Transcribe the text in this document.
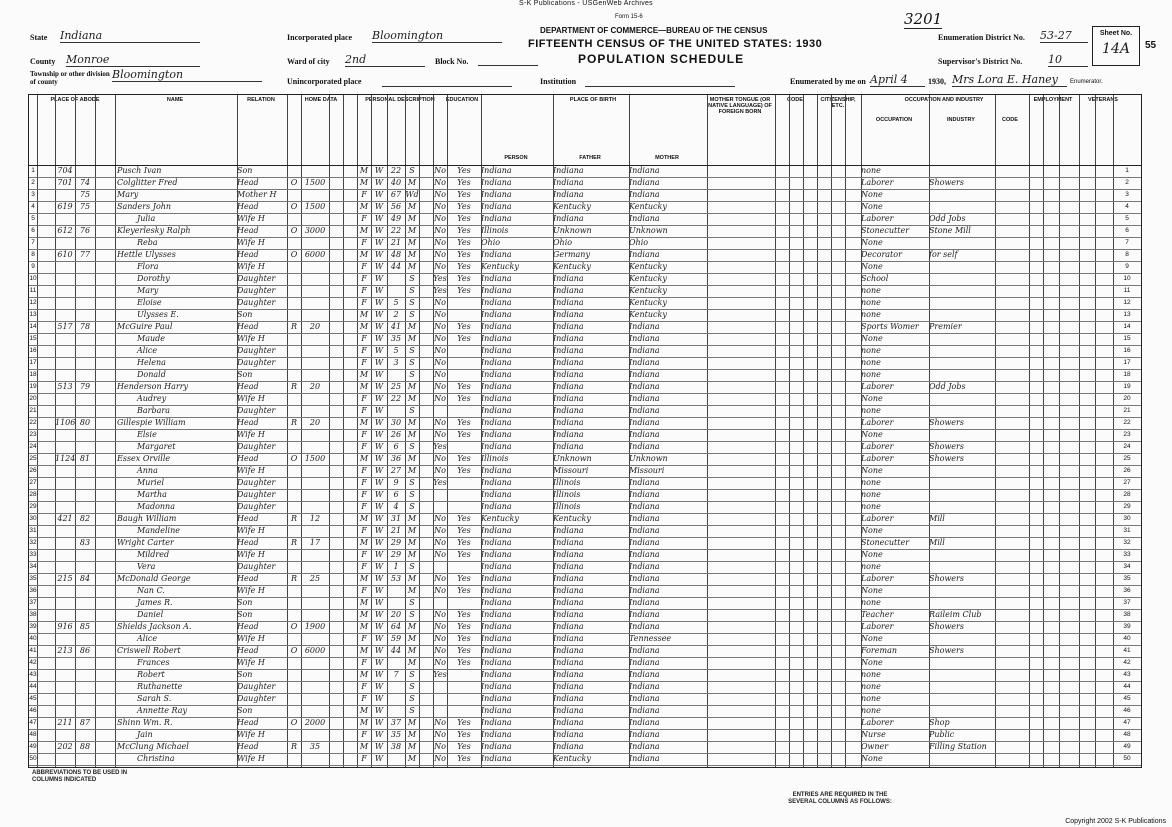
S-K Publications - USGenWeb Archives
Form 15-6	3201
DEPARTMENT OF COMMERCE—BUREAU OF THE CENSUS
FIFTEENTH CENSUS OF THE UNITED STATES: 1930
POPULATION SCHEDULE
State Indiana
County Monroe
Township or other division of county
Bloomington
Incorporated place Bloomington
Ward of city 2nd	Block No.
Unincorporated place	Institution
Enumeration District No. 53-27
Supervisor's District No. 10
Enumerated by me on April 4	1930, Mrs Lora E. Haney	Enumerator.
Sheet No.
14A	55
PLACE OF ABODE	NAME	RELATION	HOME DATA	PERSONAL DESCRIPTION	EDUCATION	PLACE OF BIRTH	MOTHER TONGUE (OR NATIVE LANGUAGE) OF FOREIGN BORN
CODE	CITIZENSHIP, ETC.
OCCUPATION AND INDUSTRY	EMPLOYMENT	VETERANS
PERSON	FATHER	MOTHER
OCCUPATION	INDUSTRY	CODE
1	704	Pusch Ivan	Son	M W 22	S	No	Yes	Indiana	Indiana	Indiana	none	1
2	701 74	Colglitter Fred	Head	O 1500	M W 40 M	No	Yes	Indiana	Indiana	Indiana	Laborer	Showers	2
3	75	Mary	Mother H	F	W 67 Wd No	Yes	Indiana	Indiana	Indiana	None	3
4	619 75	Sanders John	Head	O 1500	M W 56 M	No	Yes	Indiana	Kentucky	Kentucky	None	4
5	Julia	Wife H	F	W 49 M	No	Yes	Indiana	Indiana	Indiana	Laborer	Odd Jobs	5
6	612 76	Kleyerlesky Ralph	Head	O 3000	M W 22 M	No	Yes	Illinois	Unknown	Unknown	Stonecutter	Stone Mill	6
7	Reba	Wife H	F	W 21 M	No	Yes	Ohio	Ohio	Ohio	None	7
8	610 77	Hettle Ulysses	Head	O 6000	M W 48 M	No	Yes	Indiana	Germany	Indiana	Decorator	for self	8
9	Flora	Wife H	F	W 44 M	No	Yes	Kentucky	Kentucky	Kentucky	None	9
10	Dorothy	Daughter	F	W	S	Yes	Yes	Indiana	Indiana	Kentucky	School	10
11	Mary	Daughter	F	W	S	Yes	Yes	Indiana	Indiana	Kentucky	none	11
12	Eloise	Daughter	F	W	5	S	No	Indiana	Indiana	Kentucky	none	12
13	Ulysses E.	Son	M W	2	S	No	Indiana	Indiana	Kentucky	none	13
14	517 78	McGuire Paul	Head	R	20	M W 41 M	No	Yes	Indiana	Indiana	Indiana	Sports Womer	Premier	14
15	Maude	Wife H	F	W 35 M	No	Yes	Indiana	Indiana	Indiana	None	15
16	Alice	Daughter	F	W	5	S	No	Indiana	Indiana	Indiana	none	16
17	Helena	Daughter	F	W	3	S	No	Indiana	Indiana	Indiana	none	17
18	Donald	Son	M W	S	No	Indiana	Indiana	Indiana	none	18
19	513 79	Henderson Harry	Head	R	20	M W 25 M	No	Yes	Indiana	Indiana	Indiana	Laborer	Odd Jobs	19
20	Audrey	Wife H	F	W 22 M	No	Yes	Indiana	Indiana	Indiana	None	20
21	Barbara	Daughter	F	W	S	Indiana	Indiana	Indiana	none	21
22 1106 80	Gillespie William	Head	R	20	M W 30 M	No	Yes	Indiana	Indiana	Indiana	Laborer	Showers	22
23	Elsie	Wife H	F	W 26 M	No	Yes	Indiana	Indiana	Indiana	None	23
24	Margaret	Daughter	F	W	6	S	Yes	Indiana	Indiana	Indiana	Laborer	Showers	24
25 1124 81	Essex Orville	Head	O 1500	M W 36 M	No	Yes	Illinois	Unknown	Unknown	Laborer	Showers	25
26	Anna	Wife H	F	W 27 M	No	Yes	Indiana	Missouri	Missouri	None	26
27	Muriel	Daughter	F	W	9	S	Yes	Indiana	Illinois	Indiana	none	27
28	Martha	Daughter	F	W	6	S	Indiana	Illinois	Indiana	none	28
29	Madonna	Daughter	F	W	4	S	Indiana	Illinois	Indiana	none	29
30	421 82	Baugh William	Head	R	12	M W 31 M	No	Yes	Kentucky	Kentucky	Indiana	Laborer	Mill	30
31	Mandeline	Wife H	F	W 21 M	No	Yes	Indiana	Indiana	Indiana	None	31
32	83	Wright Carter	Head	R	17	M W 29 M	No	Yes	Indiana	Indiana	Indiana	Stonecutter	Mill	32
33	Mildred	Wife H	F	W 29 M	No	Yes	Indiana	Indiana	Indiana	None	33
34	Vera	Daughter	F	W	1	S	Indiana	Indiana	Indiana	none	34
35	215 84	McDonald George	Head	R	25	M W 53 M	No	Yes	Indiana	Indiana	Indiana	Laborer	Showers	35
36	Nan C.	Wife H	F	W	M	No	Yes	Indiana	Indiana	Indiana	None	36
37	James R.	Son	M W	S	Indiana	Indiana	Indiana	none	37
38	Daniel	Son	M W 20	S	No	Yes	Indiana	Indiana	Indiana	Teacher	Raileim Club	38
39	916 85	Shields Jackson A.	Head	O 1900	M W 64 M	No	Yes	Indiana	Indiana	Indiana	Laborer	Showers	39
40	Alice	Wife H	F	W 59 M	No	Yes	Indiana	Indiana	Tennessee	None	40
41	213 86	Criswell Robert	Head	O 6000	M W 44 M	No	Yes	Indiana	Indiana	Indiana	Foreman	Showers	41
42	Frances	Wife H	F	W	M	No	Yes	Indiana	Indiana	Indiana	None	42
43	Robert	Son	M W	7	S	Yes	Indiana	Indiana	Indiana	none	43
44	Ruthanette	Daughter	F	W	S	Indiana	Indiana	Indiana	none	44
45	Sarah S.	Daughter	F	W	S	Indiana	Indiana	Indiana	none	45
46	Annette Ray	Son	M W	S	Indiana	Indiana	Indiana	none	46
47	211 87	Shinn Wm. R.	Head	O 2000	M W 37 M	No	Yes	Indiana	Indiana	Indiana	Laborer	Shop	47
48	Jain	Wife H	F	W 35 M	No	Yes	Indiana	Indiana	Indiana	Nurse	Public	48
49	202 88	McClung Michael	Head	R	35	M W 38 M	No	Yes	Indiana	Indiana	Indiana	Owner	Filling Station	49
50	Christina	Wife H	F	W	M	No	Yes	Indiana	Kentucky	Indiana	None	50
ABBREVIATIONS TO BE USED IN COLUMNS INDICATED
ENTRIES ARE REQUIRED IN THE SEVERAL COLUMNS AS FOLLOWS:
Copyright 2002 S-K Publications
